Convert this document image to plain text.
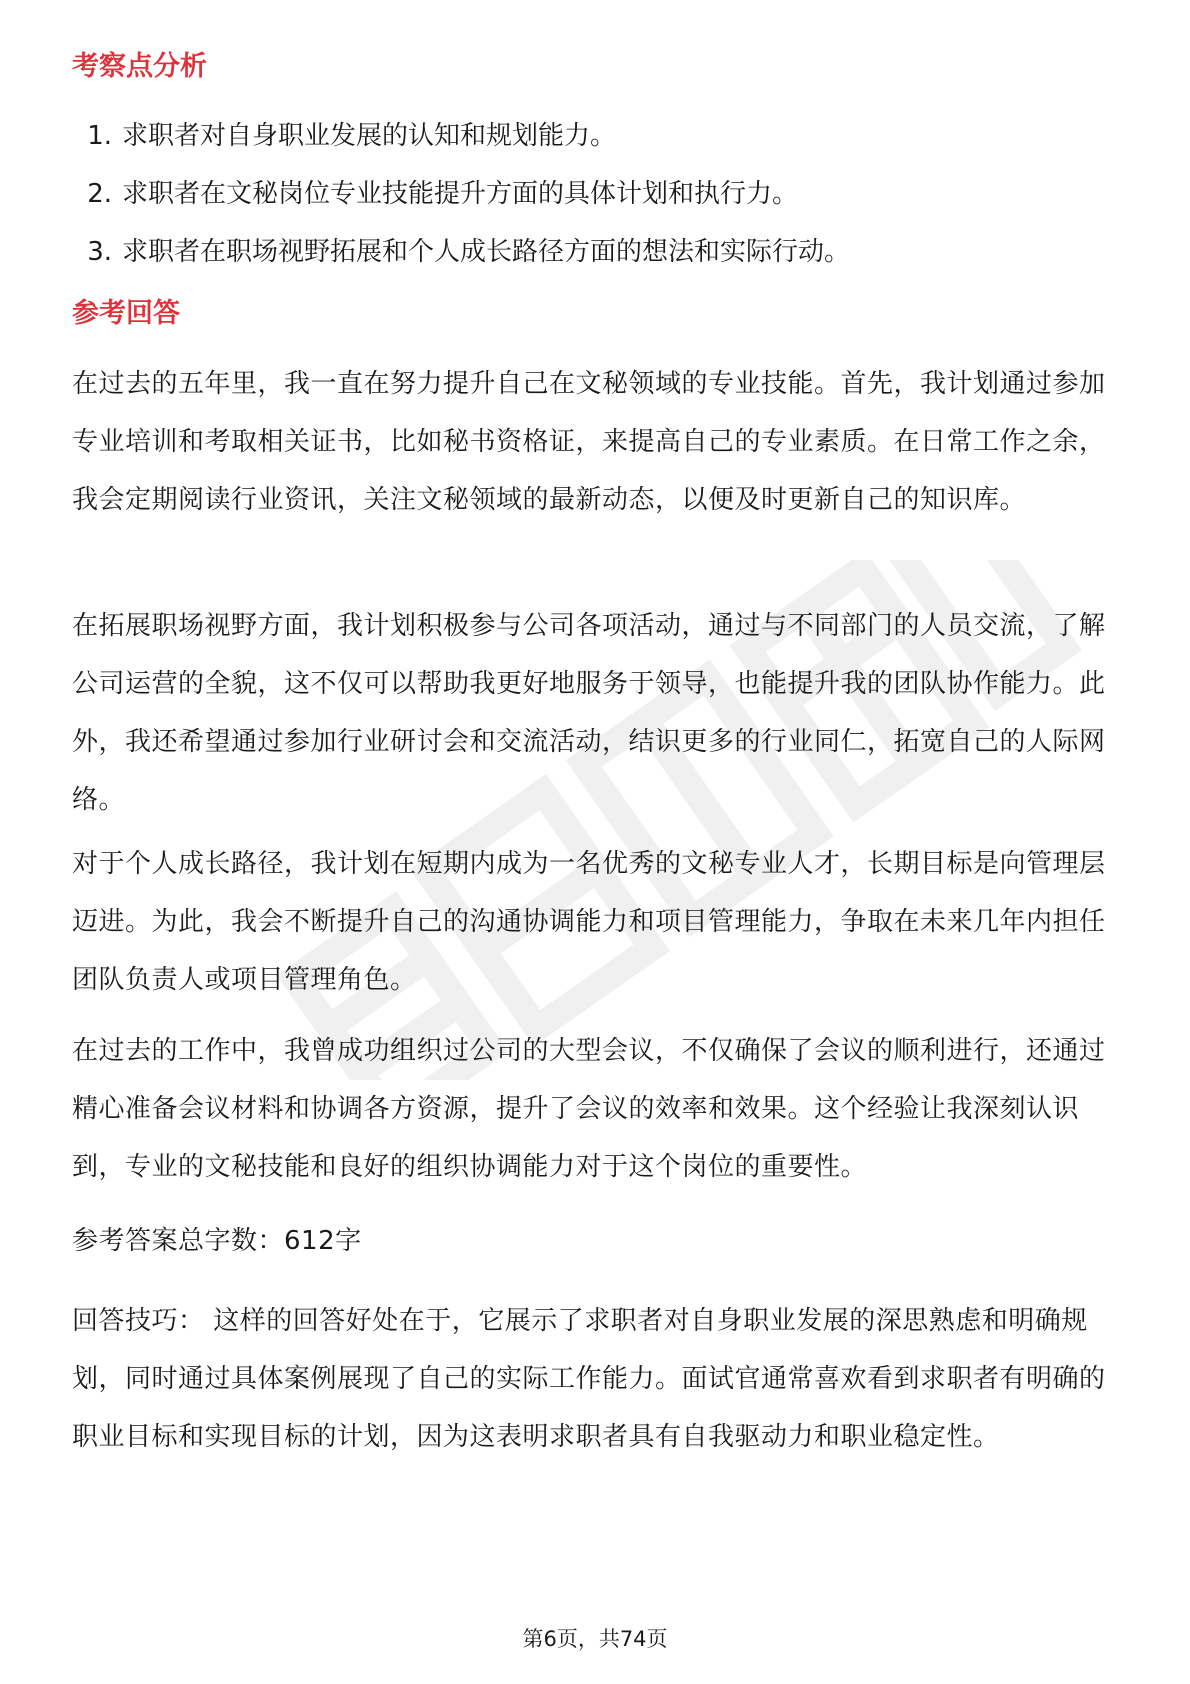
考察点分析
1. 求职者对自身职业发展的认知和规划能力。
2. 求职者在文秘岗位专业技能提升方面的具体计划和执行力。
3. 求职者在职场视野拓展和个人成长路径方面的想法和实际行动。
参考回答

在过去的五年里，我一直在努力提升自己在文秘领域的专业技能。首先，我计划通过参加专业培训和考取相关证书，比如秘书资格证，来提高自己的专业素质。在日常工作之余，我会定期阅读行业资讯，关注文秘领域的最新动态，以便及时更新自己的知识库。

在拓展职场视野方面，我计划积极参与公司各项活动，通过与不同部门的人员交流，了解公司运营的全貌，这不仅可以帮助我更好地服务于领导，也能提升我的团队协作能力。此外，我还希望通过参加行业研讨会和交流活动，结识更多的行业同仁，拓宽自己的人际网络。

对于个人成长路径，我计划在短期内成为一名优秀的文秘专业人才，长期目标是向管理层迈进。为此，我会不断提升自己的沟通协调能力和项目管理能力，争取在未来几年内担任团队负责人或项目管理角色。

在过去的工作中，我曾成功组织过公司的大型会议，不仅确保了会议的顺利进行，还通过精心准备会议材料和协调各方资源，提升了会议的效率和效果。这个经验让我深刻认识到，专业的文秘技能和良好的组织协调能力对于这个岗位的重要性。

参考答案总字数：612字

回答技巧： 这样的回答好处在于，它展示了求职者对自身职业发展的深思熟虑和明确规划，同时通过具体案例展现了自己的实际工作能力。面试官通常喜欢看到求职者有明确的职业目标和实现目标的计划，因为这表明求职者具有自我驱动力和职业稳定性。

第6页，共74页
